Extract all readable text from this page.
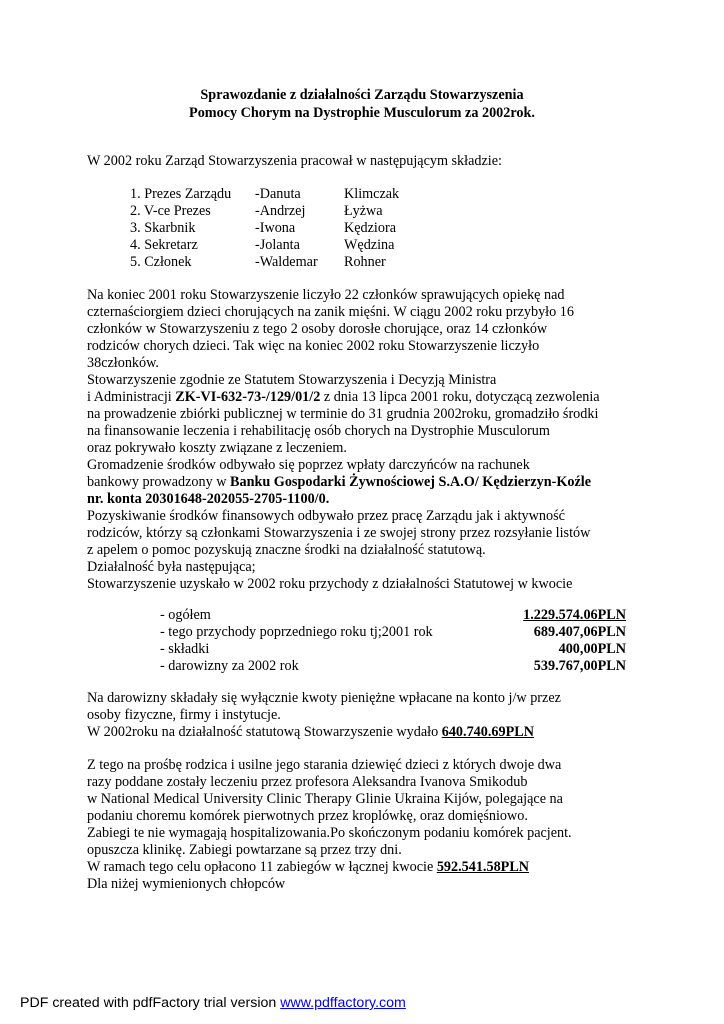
Sprawozdanie z działalności Zarządu Stowarzyszenia
Pomocy Chorym na Dystrophie Musculorum za 2002rok.
W 2002 roku Zarząd Stowarzyszenia pracował w następującym składzie:
1. Prezes Zarządu -Danuta	Klimczak
2. V-ce Prezes	-Andrzej	Łyżwa
3. Skarbnik	-Iwona	Kędziora
4. Sekretarz	-Jolanta	Wędzina
5. Członek	-Waldemar Rohner
Na koniec 2001 roku Stowarzyszenie liczyło 22 członków sprawujących opiekę nad
czternaściorgiem dzieci chorujących na zanik mięśni. W ciągu 2002 roku przybyło 16
członków w Stowarzyszeniu z tego 2 osoby dorosłe chorujące, oraz 14 członków
rodziców chorych dzieci. Tak więc na koniec 2002 roku Stowarzyszenie liczyło
38członków.
Stowarzyszenie zgodnie ze Statutem Stowarzyszenia i Decyzją Ministra
i Administracji ZK-VI-632-73-/129/01/2 z dnia 13 lipca 2001 roku, dotyczącą zezwolenia
na prowadzenie zbiórki publicznej w terminie do 31 grudnia 2002roku, gromadziło środki
na finansowanie leczenia i rehabilitację osób chorych na Dystrophie Musculorum
oraz pokrywało koszty związane z leczeniem.
Gromadzenie środków odbywało się poprzez wpłaty darczyńców na rachunek
bankowy prowadzony w Banku Gospodarki Żywnościowej S.A.O/ Kędzierzyn-Koźle
nr. konta 20301648-202055-2705-1100/0.
Pozyskiwanie środków finansowych odbywało przez pracę Zarządu jak i aktywność
rodziców, którzy są członkami Stowarzyszenia i ze swojej strony przez rozsyłanie listów
z apelem o pomoc pozyskują znaczne środki na działalność statutową.
Działalność była następująca;
Stowarzyszenie uzyskało w 2002 roku przychody z działalności Statutowej w kwocie
- ogółem	1.229.574.06PLN
- tego przychody poprzedniego roku tj;2001 rok	689.407,06PLN
- składki	400,00PLN
- darowizny za 2002 rok	539.767,00PLN
Na darowizny składały się wyłącznie kwoty pieniężne wpłacane na konto j/w przez
osoby fizyczne, firmy i instytucje.
W 2002roku na działalność statutową Stowarzyszenie wydało 640.740.69PLN
Z tego na prośbę rodzica i usilne jego starania dziewięć dzieci z których dwoje dwa
razy poddane zostały leczeniu przez profesora Aleksandra Ivanova Smikodub
w National Medical University Clinic Therapy Glinie Ukraina Kijów, polegające na
podaniu choremu komórek pierwotnych przez kroplówkę, oraz domięśniowo.
Zabiegi te nie wymagają hospitalizowania.Po skończonym podaniu komórek pacjent.
opuszcza klinikę. Zabiegi powtarzane są przez trzy dni.
W ramach tego celu opłacono 11 zabiegów w łącznej kwocie 592.541.58PLN
Dla niżej wymienionych chłopców
PDF created with pdfFactory trial version www.pdffactory.com
